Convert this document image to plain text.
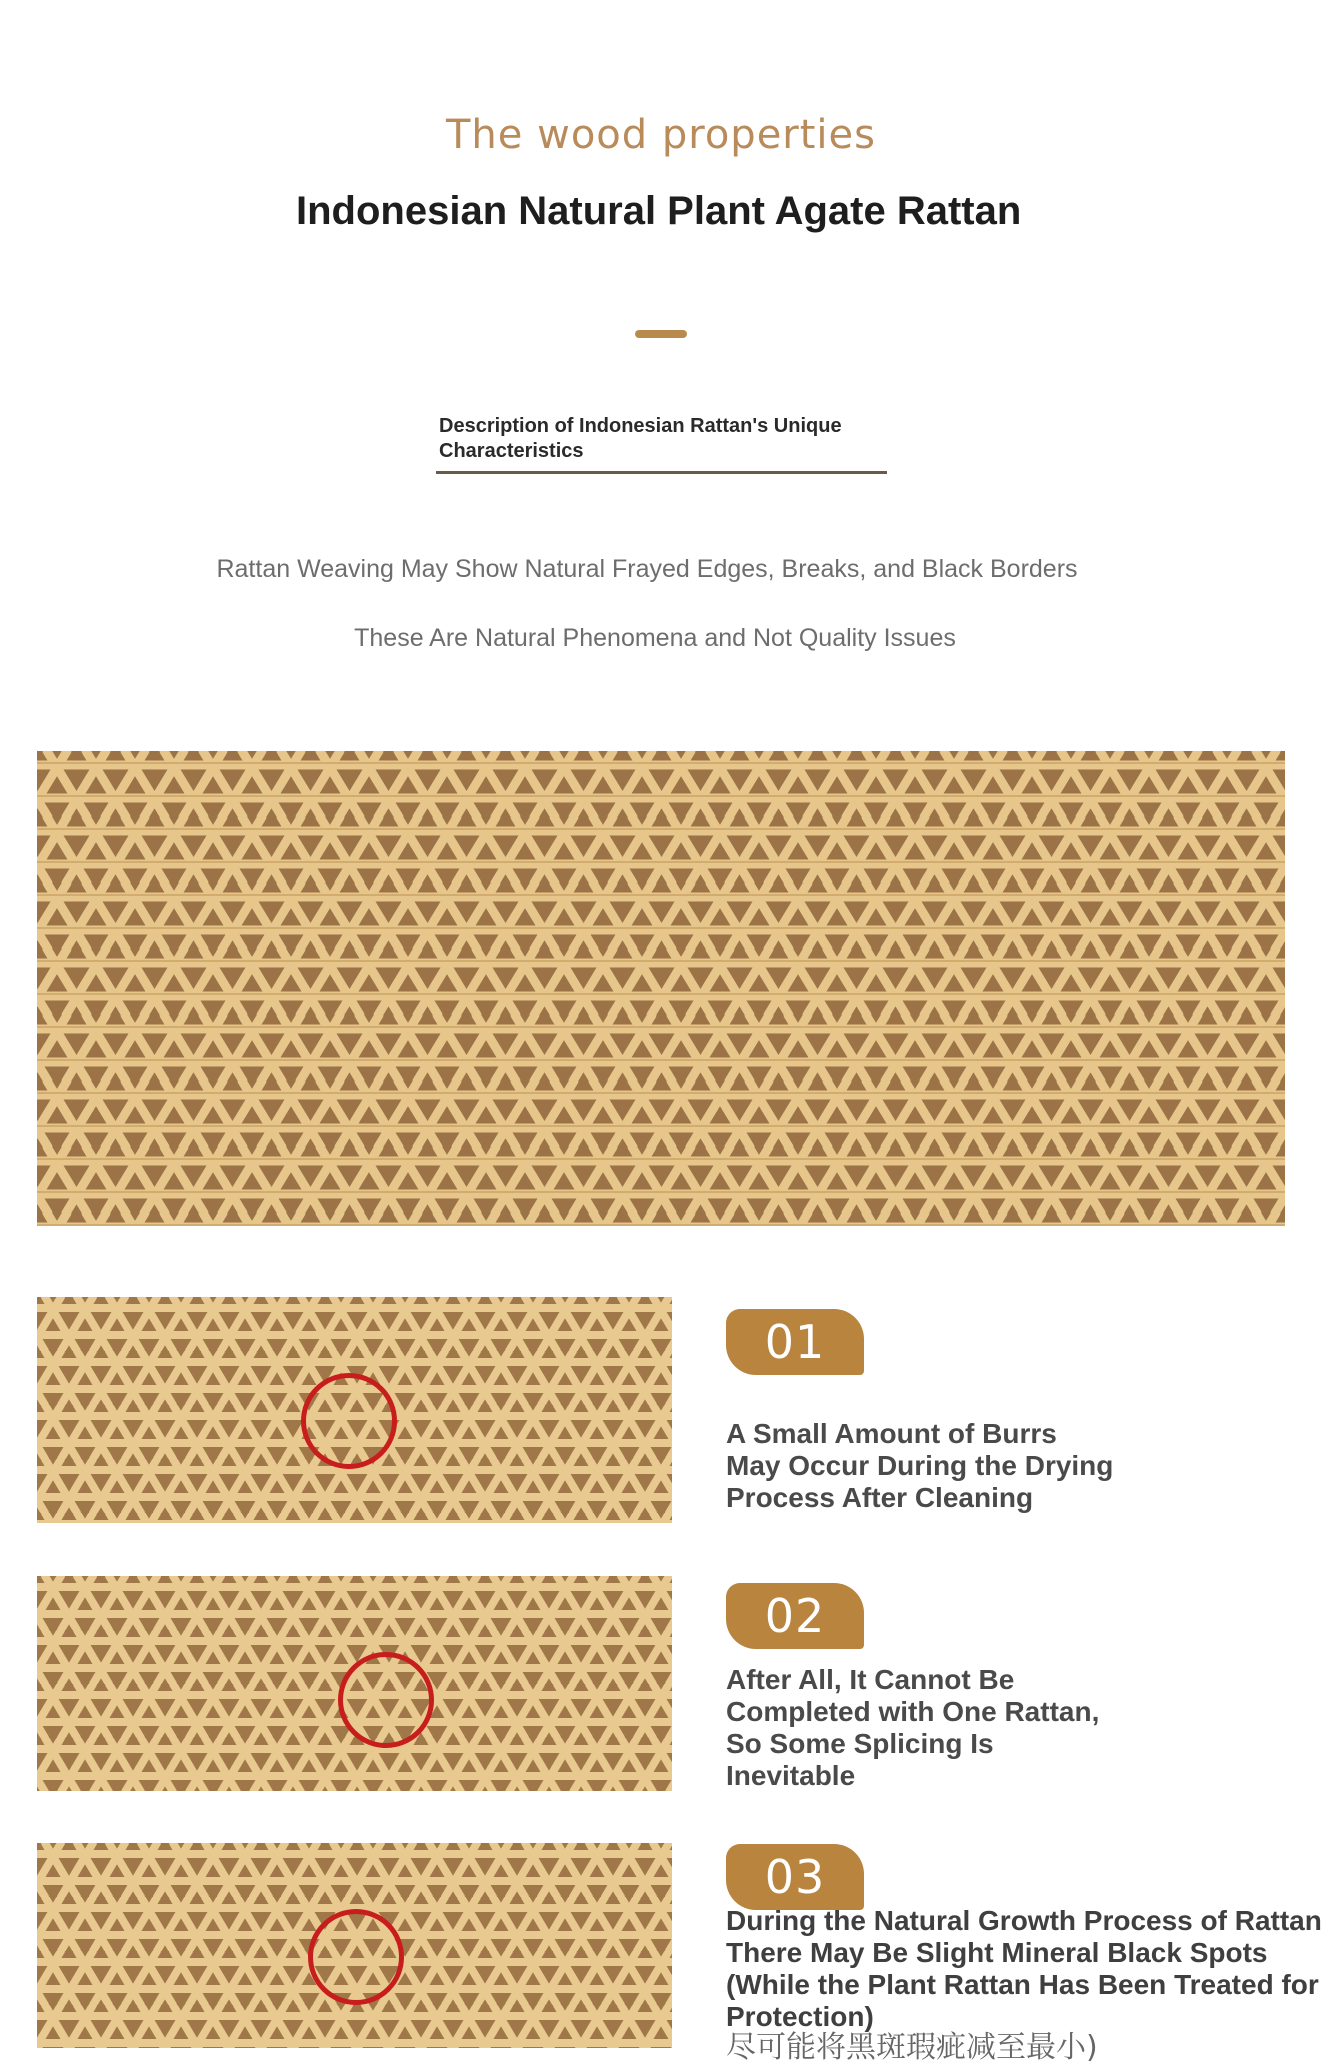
The wood properties
Indonesian Natural Plant Agate Rattan
Description of Indonesian Rattan's Unique Characteristics
Rattan Weaving May Show Natural Frayed Edges, Breaks, and Black Borders
These Are Natural Phenomena and Not Quality Issues
01
A Small Amount of Burrs
May Occur During the Drying
Process After Cleaning
02
After All, It Cannot Be
Completed with One Rattan,
So Some Splicing Is
Inevitable
03
During the Natural Growth Process of Rattan
There May Be Slight Mineral Black Spots
(While the Plant Rattan Has Been Treated for
Protection)
尽可能将黑斑瑕疵减至最小)
